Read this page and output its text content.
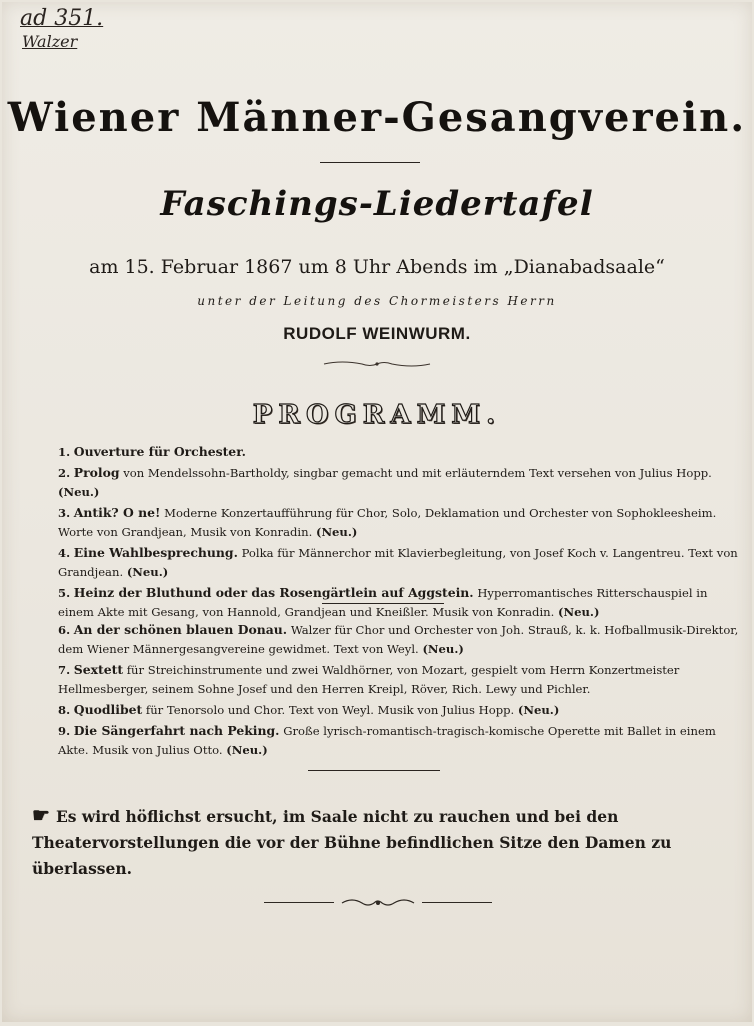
ad 351.
Walzer
Wiener Männer-Gesangverein.
Faschings-Liedertafel
am 15. Februar 1867 um 8 Uhr Abends im „Dianabadsaale“
unter der Leitung des Chormeisters Herrn
RUDOLF WEINWURM.
PROGRAMM.
1. Ouverture für Orchester.
2. Prolog von Mendelssohn-Bartholdy, singbar gemacht und mit erläuterndem Text versehen von Julius Hopp. (Neu.)
3. Antik? O ne! Moderne Konzertaufführung für Chor, Solo, Deklamation und Orchester von Sophokleesheim. Worte von Grandjean, Musik von Konradin. (Neu.)
4. Eine Wahlbesprechung. Polka für Männerchor mit Klavierbegleitung, von Josef Koch v. Langentreu. Text von Grandjean. (Neu.)
5. Heinz der Bluthund oder das Rosengärtlein auf Aggstein. Hyperromantisches Ritterschauspiel in einem Akte mit Gesang, von Hannold, Grandjean und Kneißler. Musik von Konradin. (Neu.)
6. An der schönen blauen Donau. Walzer für Chor und Orchester von Joh. Strauß, k. k. Hofballmusik-Direktor, dem Wiener Männergesangvereine gewidmet. Text von Weyl. (Neu.)
7. Sextett für Streichinstrumente und zwei Waldhörner, von Mozart, gespielt vom Herrn Konzertmeister Hellmesberger, seinem Sohne Josef und den Herren Kreipl, Röver, Rich. Lewy und Pichler.
8. Quodlibet für Tenorsolo und Chor. Text von Weyl. Musik von Julius Hopp. (Neu.)
9. Die Sängerfahrt nach Peking. Große lyrisch-romantisch-tragisch-komische Operette mit Ballet in einem Akte. Musik von Julius Otto. (Neu.)
☛ Es wird höflichst ersucht, im Saale nicht zu rauchen und bei den Theatervorstellungen die vor der Bühne befindlichen Sitze den Damen zu überlassen.
